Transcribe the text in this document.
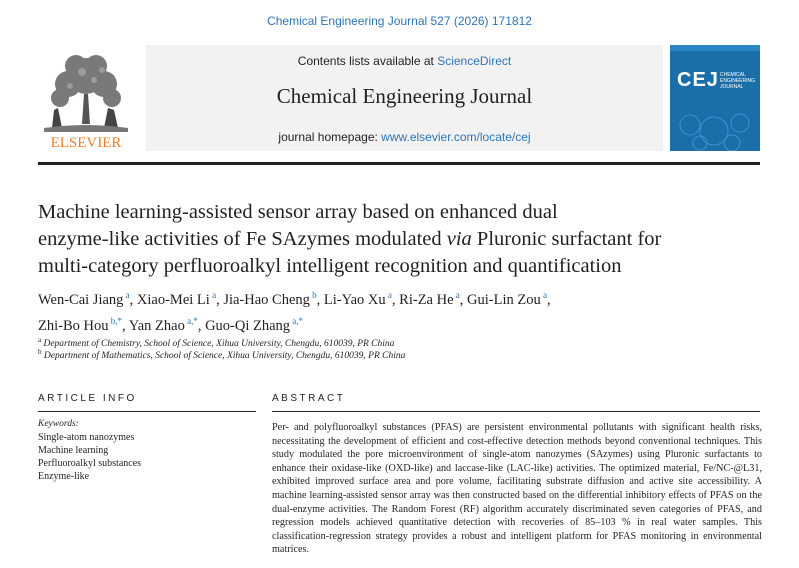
Chemical Engineering Journal 527 (2026) 171812
ELSEVIER
Contents lists available at ScienceDirect
Chemical Engineering Journal
journal homepage: www.elsevier.com/locate/cej
CEJ CHEMICAL ENGINEERING JOURNAL
Machine learning-assisted sensor array based on enhanced dual
enzyme-like activities of Fe SAzymes modulated via Pluronic surfactant for
multi-category perfluoroalkyl intelligent recognition and quantification
Wen-Cai Jiang $^a$, Xiao-Mei Li $^a$, Jia-Hao Cheng $^b$, Li-Yao Xu $^a$, Ri-Za He $^a$, Gui-Lin Zou $^a$,
Zhi-Bo Hou $^{b,*}$, Yan Zhao $^{a,*}$, Guo-Qi Zhang $^{a,*}$
$^a$ Department of Chemistry, School of Science, Xihua University, Chengdu, 610039, PR China
$^b$ Department of Mathematics, School of Science, Xihua University, Chengdu, 610039, PR China
ARTICLE INFO
Keywords:
Single-atom nanozymes
Machine learning
Perfluoroalkyl substances
Enzyme-like
ABSTRACT
Per- and polyfluoroalkyl substances (PFAS) are persistent environmental pollutants with significant health risks, necessitating the development of efficient and cost-effective detection methods beyond conventional techniques. This study modulated the pore microenvironment of single-atom nanozymes (SAzymes) using Pluronic surfactants to enhance their oxidase-like (OXD-like) and laccase-like (LAC-like) activities. The optimized material, Fe/NC-@L31, exhibited improved surface area and pore volume, facilitating substrate diffusion and active site accessibility. A machine learning-assisted sensor array was then constructed based on the differential inhibitory effects of PFAS on the dual-enzyme activities. The Random Forest (RF) algorithm accurately discriminated seven categories of PFAS, and regression models achieved quantitative detection with recoveries of 85–103 % in real water samples. This classification-regression strategy provides a robust and intelligent platform for PFAS monitoring in environmental matrices.
